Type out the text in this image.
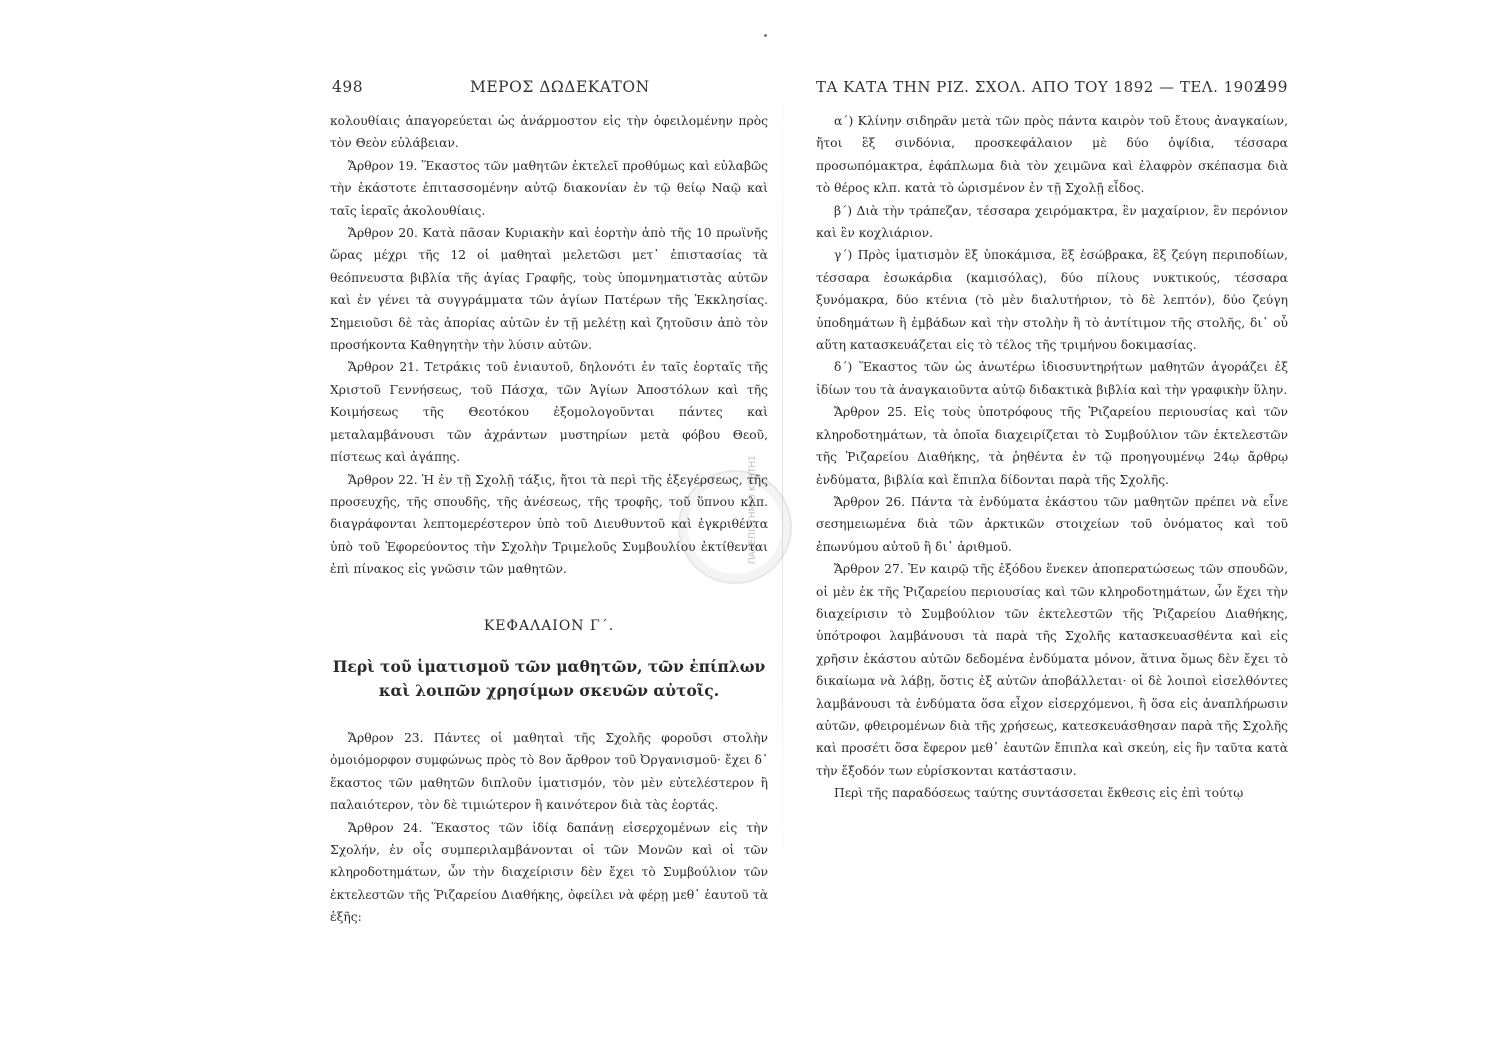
ΠΑΝΕΠΙΣΤΗΜΙΟ ΚΡΗΤΗΣ
498	ΜΕΡΟΣ ΔΩΔΕΚΑΤΟΝ

κολουθίαις ἀπαγορεύεται ὡς ἀνάρμοστον εἰς τὴν ὀφειλομένην πρὸς τὸν Θεὸν εὐλάβειαν.

Ἄρθρον 19. Ἕκαστος τῶν μαθητῶν ἐκτελεῖ προθύμως καὶ εὐλαβῶς τὴν ἑκάστοτε ἐπιτασσομένην αὐτῷ διακονίαν ἐν τῷ θείῳ Ναῷ καὶ ταῖς ἱεραῖς ἀκολουθίαις.

Ἄρθρον 20. Κατὰ πᾶσαν Κυριακὴν καὶ ἑορτὴν ἀπὸ τῆς 10 πρωϊνῆς ὥρας μέχρι τῆς 12 οἱ μαθηταὶ μελετῶσι μετ᾽ ἐπιστασίας τὰ θεόπνευστα βιβλία τῆς ἁγίας Γραφῆς, τοὺς ὑπομνηματιστὰς αὐτῶν καὶ ἐν γένει τὰ συγγράμματα τῶν ἁγίων Πατέρων τῆς Ἐκκλησίας. Σημειοῦσι δὲ τὰς ἀπορίας αὐτῶν ἐν τῇ μελέτῃ καὶ ζητοῦσιν ἀπὸ τὸν προσήκοντα Καθηγητὴν τὴν λύσιν αὐτῶν.

Ἄρθρον 21. Τετράκις τοῦ ἐνιαυτοῦ, δηλονότι ἐν ταῖς ἑορταῖς τῆς Χριστοῦ Γεννήσεως, τοῦ Πάσχα, τῶν Ἁγίων Ἀποστόλων καὶ τῆς Κοιμήσεως τῆς Θεοτόκου ἐξομολογοῦνται πάντες καὶ μεταλαμβάνουσι τῶν ἀχράντων μυστηρίων μετὰ φόβου Θεοῦ, πίστεως καὶ ἀγάπης.

Ἄρθρον 22. Ἡ ἐν τῇ Σχολῇ τάξις, ἤτοι τὰ περὶ τῆς ἐξεγέρσεως, τῆς προσευχῆς, τῆς σπουδῆς, τῆς ἀνέσεως, τῆς τροφῆς, τοῦ ὕπνου κλπ. διαγράφονται λεπτομερέστερον ὑπὸ τοῦ Διευθυντοῦ καὶ ἐγκριθέντα ὑπὸ τοῦ Ἐφορεύοντος τὴν Σχολὴν Τριμελοῦς Συμβουλίου ἐκτίθενται ἐπὶ πίνακος εἰς γνῶσιν τῶν μαθητῶν.

ΚΕΦΑΛΑΙΟΝ Γ΄.
Περὶ τοῦ ἱματισμοῦ τῶν μαθητῶν, τῶν ἐπίπλων
καὶ λοιπῶν χρησίμων σκευῶν αὐτοῖς.

Ἄρθρον 23. Πάντες οἱ μαθηταὶ τῆς Σχολῆς φοροῦσι στολὴν ὁμοιόμορφον συμφώνως πρὸς τὸ 8ον ἄρθρον τοῦ Ὀργανισμοῦ· ἔχει δ᾽ ἕκαστος τῶν μαθητῶν διπλοῦν ἱματισμόν, τὸν μὲν εὐτελέστερον ἢ παλαιότερον, τὸν δὲ τιμιώτερον ἢ καινότερον διὰ τὰς ἑορτάς.

Ἄρθρον 24. Ἕκαστος τῶν ἰδίᾳ δαπάνῃ εἰσερχομένων εἰς τὴν Σχολήν, ἐν οἷς συμπεριλαμβάνονται οἱ τῶν Μονῶν καὶ οἱ τῶν κληροδοτημάτων, ὧν τὴν διαχείρισιν δὲν ἔχει τὸ Συμβούλιον τῶν ἐκτελεστῶν τῆς Ῥιζαρείου Διαθήκης, ὀφείλει νὰ φέρῃ μεθ᾽ ἑαυτοῦ τὰ ἑξῆς:

ΤΑ ΚΑΤΑ ΤΗΝ ΡΙΖ. ΣΧΟΛ. ΑΠΟ ΤΟΥ 1892 — ΤΕΛ. 1902
499

α΄) Κλίνην σιδηρᾶν μετὰ τῶν πρὸς πάντα καιρὸν τοῦ ἔτους ἀναγκαίων, ἤτοι ἓξ σινδόνια, προσκεφάλαιον μὲ δύο ὀψίδια, τέσσαρα προσωπόμακτρα, ἐφάπλωμα διὰ τὸν χειμῶνα καὶ ἐλαφρὸν σκέπασμα διὰ τὸ θέρος κλπ. κατὰ τὸ ὡρισμένον ἐν τῇ Σχολῇ εἶδος.

β΄) Διὰ τὴν τράπεζαν, τέσσαρα χειρόμακτρα, ἓν μαχαίριον, ἓν περόνιον καὶ ἓν κοχλιάριον.

γ΄) Πρὸς ἱματισμὸν ἓξ ὑποκάμισα, ἓξ ἐσώβρακα, ἓξ ζεύγη περιποδίων, τέσσαρα ἐσωκάρδια (καμισόλας), δύο πίλους νυκτικούς, τέσσαρα ξυνόμακρα, δύο κτένια (τὸ μὲν διαλυτήριον, τὸ δὲ λεπτόν), δύο ζεύγη ὑποδημάτων ἢ ἐμβάδων καὶ τὴν στολὴν ἢ τὸ ἀντίτιμον τῆς στολῆς, δι᾽ οὗ αὕτη κατασκευάζεται εἰς τὸ τέλος τῆς τριμήνου δοκιμασίας.

δ΄) Ἕκαστος τῶν ὡς ἀνωτέρω ἰδιοσυντηρήτων μαθητῶν ἀγοράζει ἐξ ἰδίων του τὰ ἀναγκαιοῦντα αὐτῷ διδακτικὰ βιβλία καὶ τὴν γραφικὴν ὕλην.

Ἄρθρον 25. Εἰς τοὺς ὑποτρόφους τῆς Ῥιζαρείου περιουσίας καὶ τῶν κληροδοτημάτων, τὰ ὁποῖα διαχειρίζεται τὸ Συμβούλιον τῶν ἐκτελεστῶν τῆς Ῥιζαρείου Διαθήκης, τὰ ῥηθέντα ἐν τῷ προηγουμένῳ 24ῳ ἄρθρῳ ἐνδύματα, βιβλία καὶ ἔπιπλα δίδονται παρὰ τῆς Σχολῆς.

Ἄρθρον 26. Πάντα τὰ ἐνδύματα ἑκάστου τῶν μαθητῶν πρέπει νὰ εἶνε σεσημειωμένα διὰ τῶν ἀρκτικῶν στοιχείων τοῦ ὀνόματος καὶ τοῦ ἐπωνύμου αὐτοῦ ἢ δι᾽ ἀριθμοῦ.

Ἄρθρον 27. Ἐν καιρῷ τῆς ἐξόδου ἕνεκεν ἀποπερατώσεως τῶν σπουδῶν, οἱ μὲν ἐκ τῆς Ῥιζαρείου περιουσίας καὶ τῶν κληροδοτημάτων, ὧν ἔχει τὴν διαχείρισιν τὸ Συμβούλιον τῶν ἐκτελεστῶν τῆς Ῥιζαρείου Διαθήκης, ὑπότροφοι λαμβάνουσι τὰ παρὰ τῆς Σχολῆς κατασκευασθέντα καὶ εἰς χρῆσιν ἑκάστου αὐτῶν δεδομένα ἐνδύματα μόνον, ἅτινα ὅμως δὲν ἔχει τὸ δικαίωμα νὰ λάβῃ, ὅστις ἐξ αὐτῶν ἀποβάλλεται· οἱ δὲ λοιποὶ εἰσελθόντες λαμβάνουσι τὰ ἐνδύματα ὅσα εἶχον εἰσερχόμενοι, ἢ ὅσα εἰς ἀναπλήρωσιν αὐτῶν, φθειρομένων διὰ τῆς χρήσεως, κατεσκευάσθησαν παρὰ τῆς Σχολῆς καὶ προσέτι ὅσα ἔφερον μεθ᾽ ἑαυτῶν ἔπιπλα καὶ σκεύη, εἰς ἣν ταῦτα κατὰ τὴν ἔξοδόν των εὑρίσκονται κατάστασιν.

Περὶ τῆς παραδόσεως ταύτης συντάσσεται ἔκθεσις εἰς ἐπὶ τούτῳ
